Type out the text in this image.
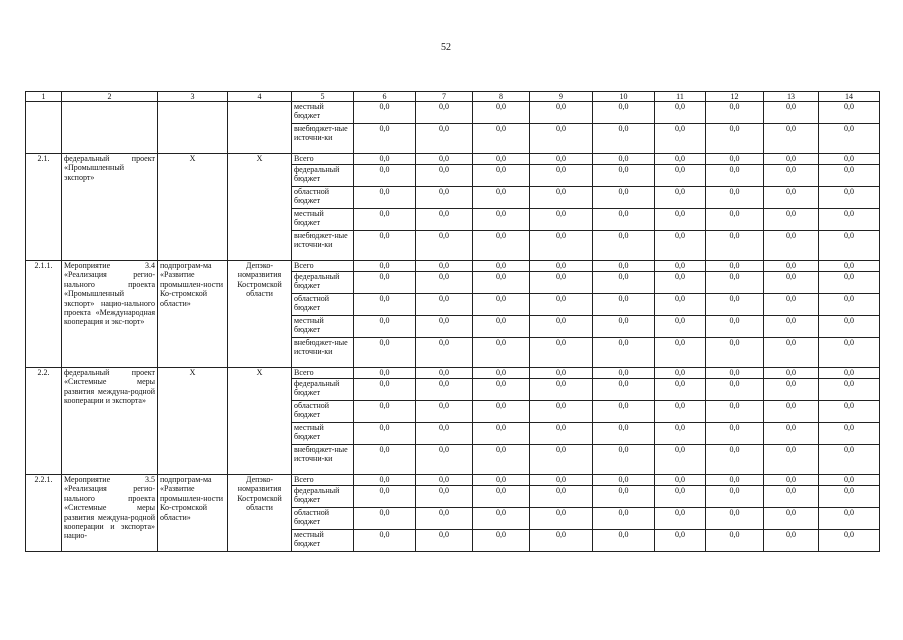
52
1	2	3	4	5	6	7	8	9	10	11	12	13	14
				местный бюджет	0,0	0,0	0,0	0,0	0,0	0,0	0,0	0,0	0,0
				внебюджет-ные источни-ки	0,0	0,0	0,0	0,0	0,0	0,0	0,0	0,0	0,0
2.1.	федеральный проект «Промышленный экспорт»	X	X	Всего	0,0	0,0	0,0	0,0	0,0	0,0	0,0	0,0	0,0
				федеральный бюджет	0,0	0,0	0,0	0,0	0,0	0,0	0,0	0,0	0,0
				областной бюджет	0,0	0,0	0,0	0,0	0,0	0,0	0,0	0,0	0,0
				местный бюджет	0,0	0,0	0,0	0,0	0,0	0,0	0,0	0,0	0,0
				внебюджет-ные источни-ки	0,0	0,0	0,0	0,0	0,0	0,0	0,0	0,0	0,0
2.1.1.	Мероприятие 3.4 «Реализация регио-нального проекта «Промышленный экспорт» нацио-нального проекта «Международная кооперация и экс-порт»	подпрограм-ма «Развитие промышлен-ности Ко-стромской области»	Депэко-номразвития Костромской области	Всего	0,0	0,0	0,0	0,0	0,0	0,0	0,0	0,0	0,0
				федеральный бюджет	0,0	0,0	0,0	0,0	0,0	0,0	0,0	0,0	0,0
				областной бюджет	0,0	0,0	0,0	0,0	0,0	0,0	0,0	0,0	0,0
				местный бюджет	0,0	0,0	0,0	0,0	0,0	0,0	0,0	0,0	0,0
				внебюджет-ные источни-ки	0,0	0,0	0,0	0,0	0,0	0,0	0,0	0,0	0,0
2.2.	федеральный проект «Системные меры развития междуна-родной кооперации и экспорта»	X	X	Всего	0,0	0,0	0,0	0,0	0,0	0,0	0,0	0,0	0,0
				федеральный бюджет	0,0	0,0	0,0	0,0	0,0	0,0	0,0	0,0	0,0
				областной бюджет	0,0	0,0	0,0	0,0	0,0	0,0	0,0	0,0	0,0
				местный бюджет	0,0	0,0	0,0	0,0	0,0	0,0	0,0	0,0	0,0
				внебюджет-ные источни-ки	0,0	0,0	0,0	0,0	0,0	0,0	0,0	0,0	0,0
2.2.1.	Мероприятие 3.5 «Реализация регио-нального проекта «Системные меры развития междуна-родной кооперации и экспорта» нацио-	подпрограм-ма «Развитие промышлен-ности Ко-стромской области»	Депэко-номразвития Костромской области	Всего	0,0	0,0	0,0	0,0	0,0	0,0	0,0	0,0	0,0
				федеральный бюджет	0,0	0,0	0,0	0,0	0,0	0,0	0,0	0,0	0,0
				областной бюджет	0,0	0,0	0,0	0,0	0,0	0,0	0,0	0,0	0,0
				местный бюджет	0,0	0,0	0,0	0,0	0,0	0,0	0,0	0,0	0,0
